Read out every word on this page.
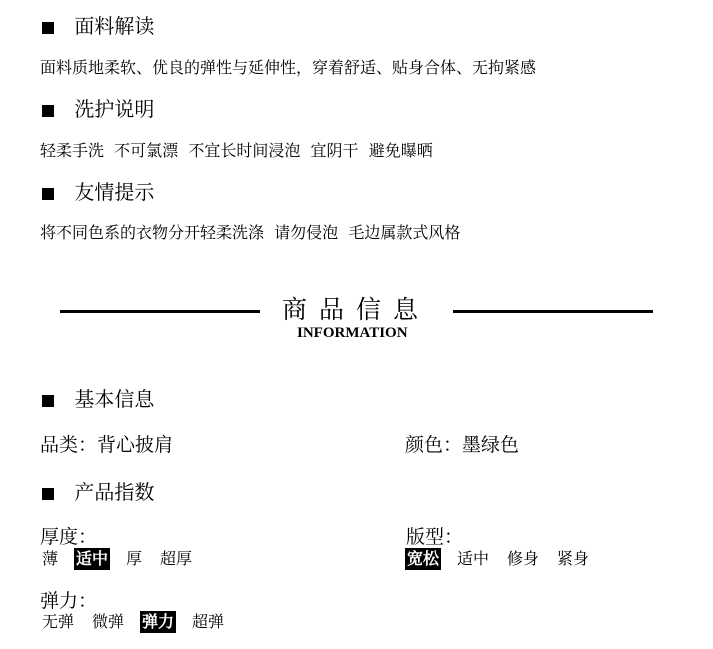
面料解读
面料质地柔软、优良的弹性与延伸性，穿着舒适、贴身合体、无拘紧感
洗护说明
轻柔手洗  不可氯漂  不宜长时间浸泡  宜阴干  避免曝晒
友情提示
将不同色系的衣物分开轻柔洗涤  请勿侵泡  毛边属款式风格
商品信息
INFORMATION
基本信息
品类：背心披肩	颜色：墨绿色
产品指数
厚度：
薄 适中 厚 超厚
版型：
宽松 适中 修身 紧身
弹力：
无弹 微弹 弹力 超弹
